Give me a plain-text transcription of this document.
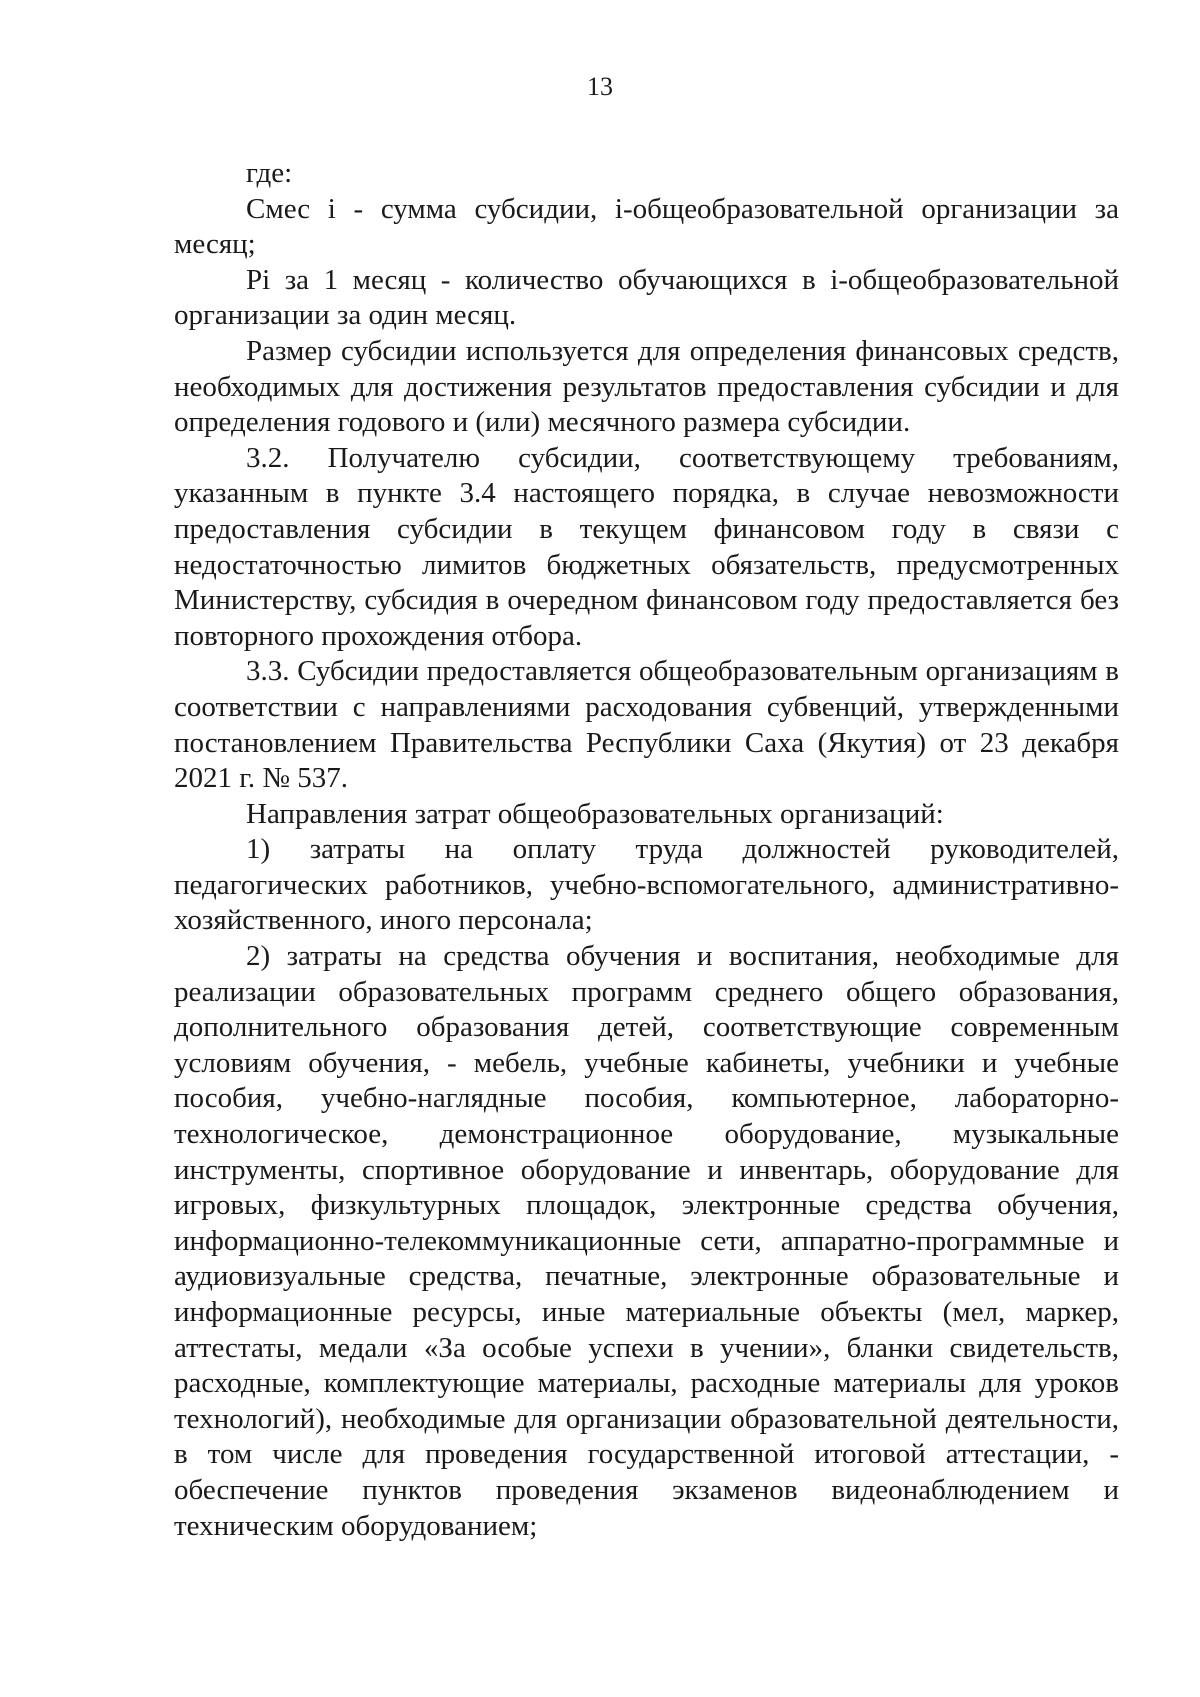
13

где:

Смес i - сумма субсидии, i-общеобразовательной организации за месяц;

Pi за 1 месяц - количество обучающихся в i-общеобразовательной организации за один месяц.

Размер субсидии используется для определения финансовых средств, необходимых для достижения результатов предоставления субсидии и для определения годового и (или) месячного размера субсидии.

3.2. Получателю субсидии, соответствующему требованиям, указанным в пункте 3.4 настоящего порядка, в случае невозможности предоставления субсидии в текущем финансовом году в связи с недостаточностью лимитов бюджетных обязательств, предусмотренных Министерству, субсидия в очередном финансовом году предоставляется без повторного прохождения отбора.

3.3. Субсидии предоставляется общеобразовательным организациям в соответствии с направлениями расходования субвенций, утвержденными постановлением Правительства Республики Саха (Якутия) от 23 декабря 2021 г. № 537.

Направления затрат общеобразовательных организаций:

1) затраты на оплату труда должностей руководителей, педагогических работников, учебно-вспомогательного, административно-хозяйственного, иного персонала;

2) затраты на средства обучения и воспитания, необходимые для реализации образовательных программ среднего общего образования, дополнительного образования детей, соответствующие современным условиям обучения, - мебель, учебные кабинеты, учебники и учебные пособия, учебно-наглядные пособия, компьютерное, лабораторно-технологическое, демонстрационное оборудование, музыкальные инструменты, спортивное оборудование и инвентарь, оборудование для игровых, физкультурных площадок, электронные средства обучения, информационно-телекоммуникационные сети, аппаратно-программные и аудиовизуальные средства, печатные, электронные образовательные и информационные ресурсы, иные материальные объекты (мел, маркер, аттестаты, медали «За особые успехи в учении», бланки свидетельств, расходные, комплектующие материалы, расходные материалы для уроков технологий), необходимые для организации образовательной деятельности, в том числе для проведения государственной итоговой аттестации, - обеспечение пунктов проведения экзаменов видеонаблюдением и техническим оборудованием;
